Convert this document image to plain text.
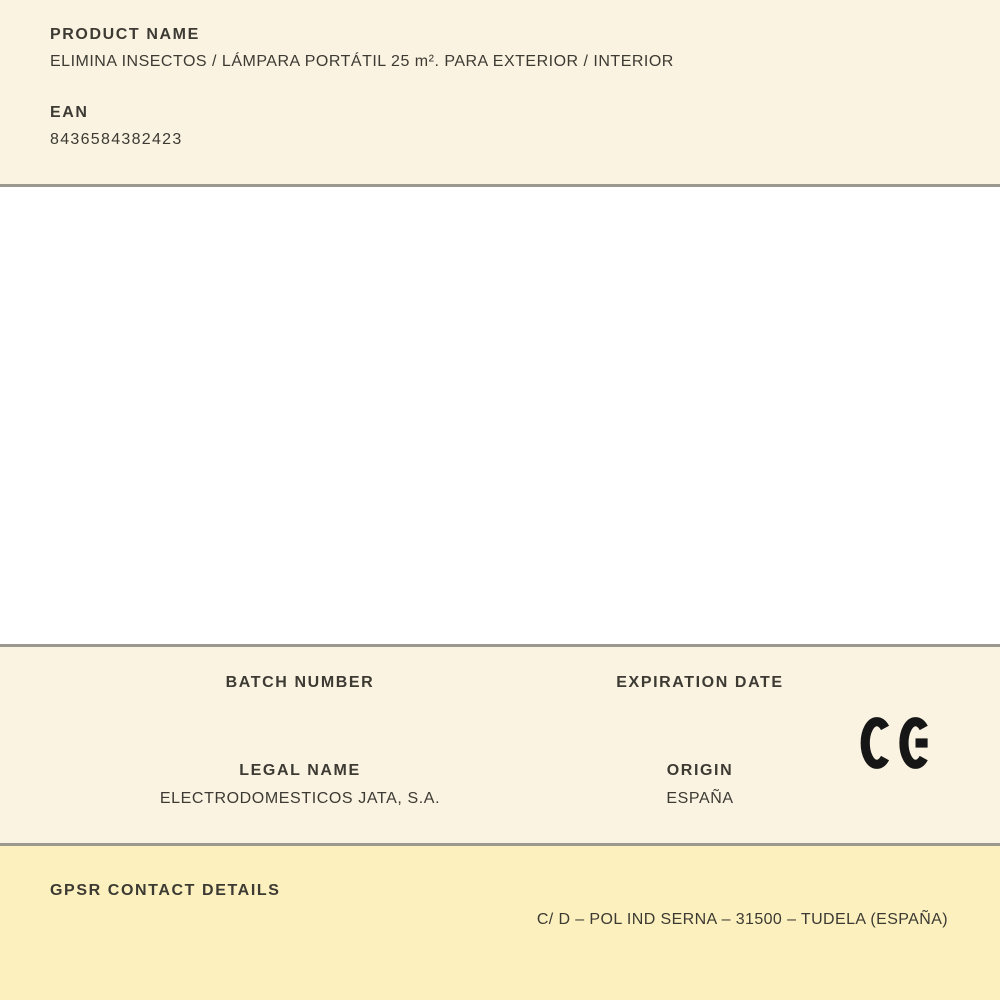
PRODUCT NAME
ELIMINA INSECTOS / LÁMPARA PORTÁTIL 25 m². PARA EXTERIOR / INTERIOR
EAN
8436584382423
BATCH NUMBER	EXPIRATION DATE
LEGAL NAME
ELECTRODOMESTICOS JATA, S.A.
ORIGIN
ESPAÑA
GPSR CONTACT DETAILS
C/ D – POL IND SERNA – 31500 – TUDELA (ESPAÑA)
